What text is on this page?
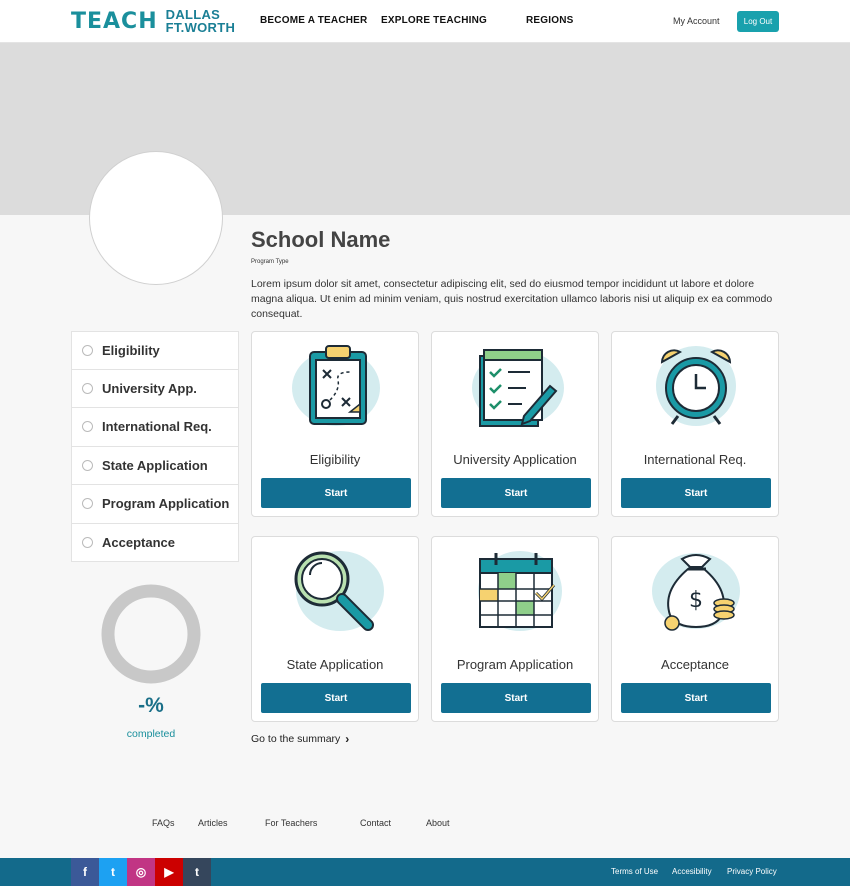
TEACH DALLAS
FT.WORTH BECOME A TEACHER EXPLORE TEACHING	REGIONS	My Account	Log Out
School Name
Program Type

Lorem ipsum dolor sit amet, consectetur adipiscing elit, sed do eiusmod tempor incididunt ut labore et dolore magna aliqua. Ut enim ad minim veniam, quis nostrud exercitation ullamco laboris nisi ut aliquip ex ea commodo consequat.

Eligibility
University App.
International Req.
State Application
Program Application
Acceptance
-%
completed
Eligibility
Start
University Application
Start
International Req.
Start
State Application
Start
Program Application
Start
$
Acceptance
Start
Go to the summary ›
FAQs	Articles	For Teachers	Contact	About
f	t	◎	▶	t	Terms of Use Accesibility Privacy Policy
